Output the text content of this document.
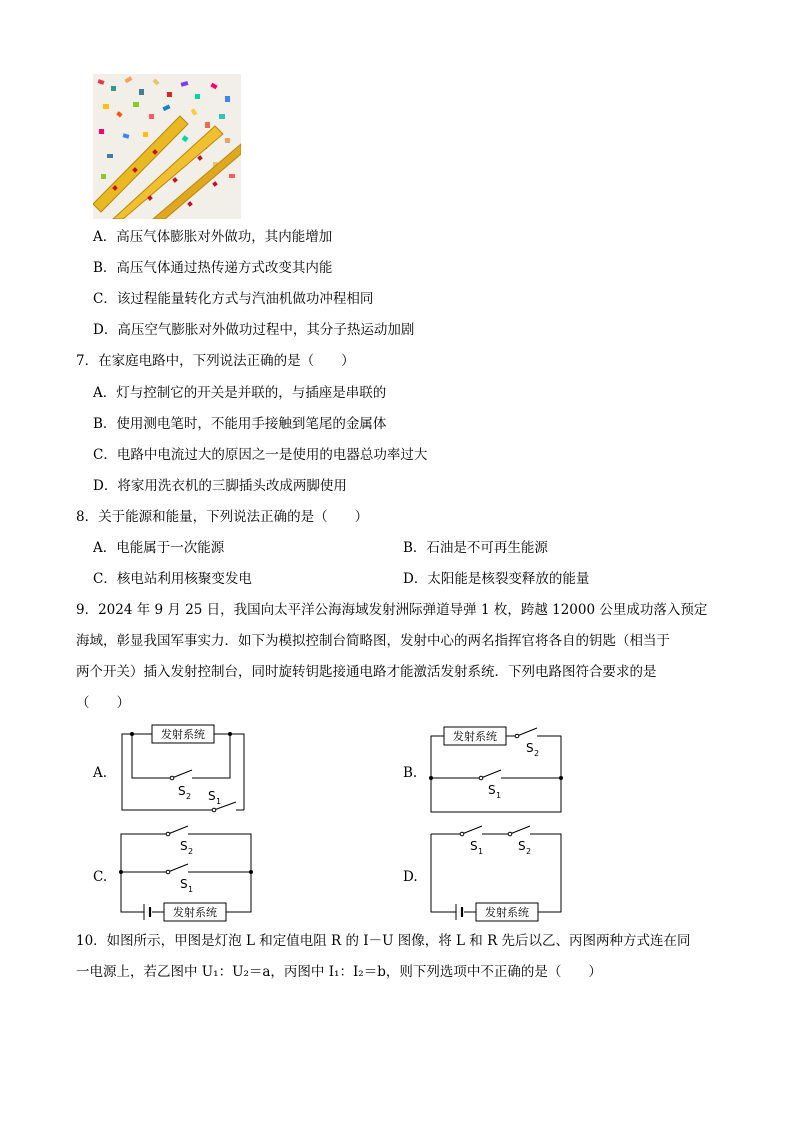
A．高压气体膨胀对外做功，其内能增加
B．高压气体通过热传递方式改变其内能
C．该过程能量转化方式与汽油机做功冲程相同
D．高压空气膨胀对外做功过程中，其分子热运动加剧
7．在家庭电路中，下列说法正确的是（　　）
A．灯与控制它的开关是并联的，与插座是串联的
B．使用测电笔时，不能用手接触到笔尾的金属体
C．电路中电流过大的原因之一是使用的电器总功率过大
D．将家用洗衣机的三脚插头改成两脚使用
8．关于能源和能量，下列说法正确的是（　　）
A．电能属于一次能源	B．石油是不可再生能源
C．核电站利用核聚变发电	D．太阳能是核裂变释放的能量
9．2024 年 9 月 25 日，我国向太平洋公海海域发射洲际弹道导弹 1 枚，跨越 12000 公里成功落入预定
海域，彰显我国军事实力．如下为模拟控制台简略图，发射中心的两名指挥官将各自的钥匙（相当于
两个开关）插入发射控制台，同时旋转钥匙接通电路才能激活发射系统．下列电路图符合要求的是
（　　）
A.	B.
C.	D.
发射系统
S 2 S 1
发射系统
S 2
S 1
发射系统
S 2
S 1
发射系统
S 1	S 2
10．如图所示，甲图是灯泡 L 和定值电阻 R 的 I－U 图像，将 L 和 R 先后以乙、丙图两种方式连在同
一电源上，若乙图中 U₁：U₂＝a，丙图中 I₁：I₂＝b，则下列选项中不正确的是（　　）
